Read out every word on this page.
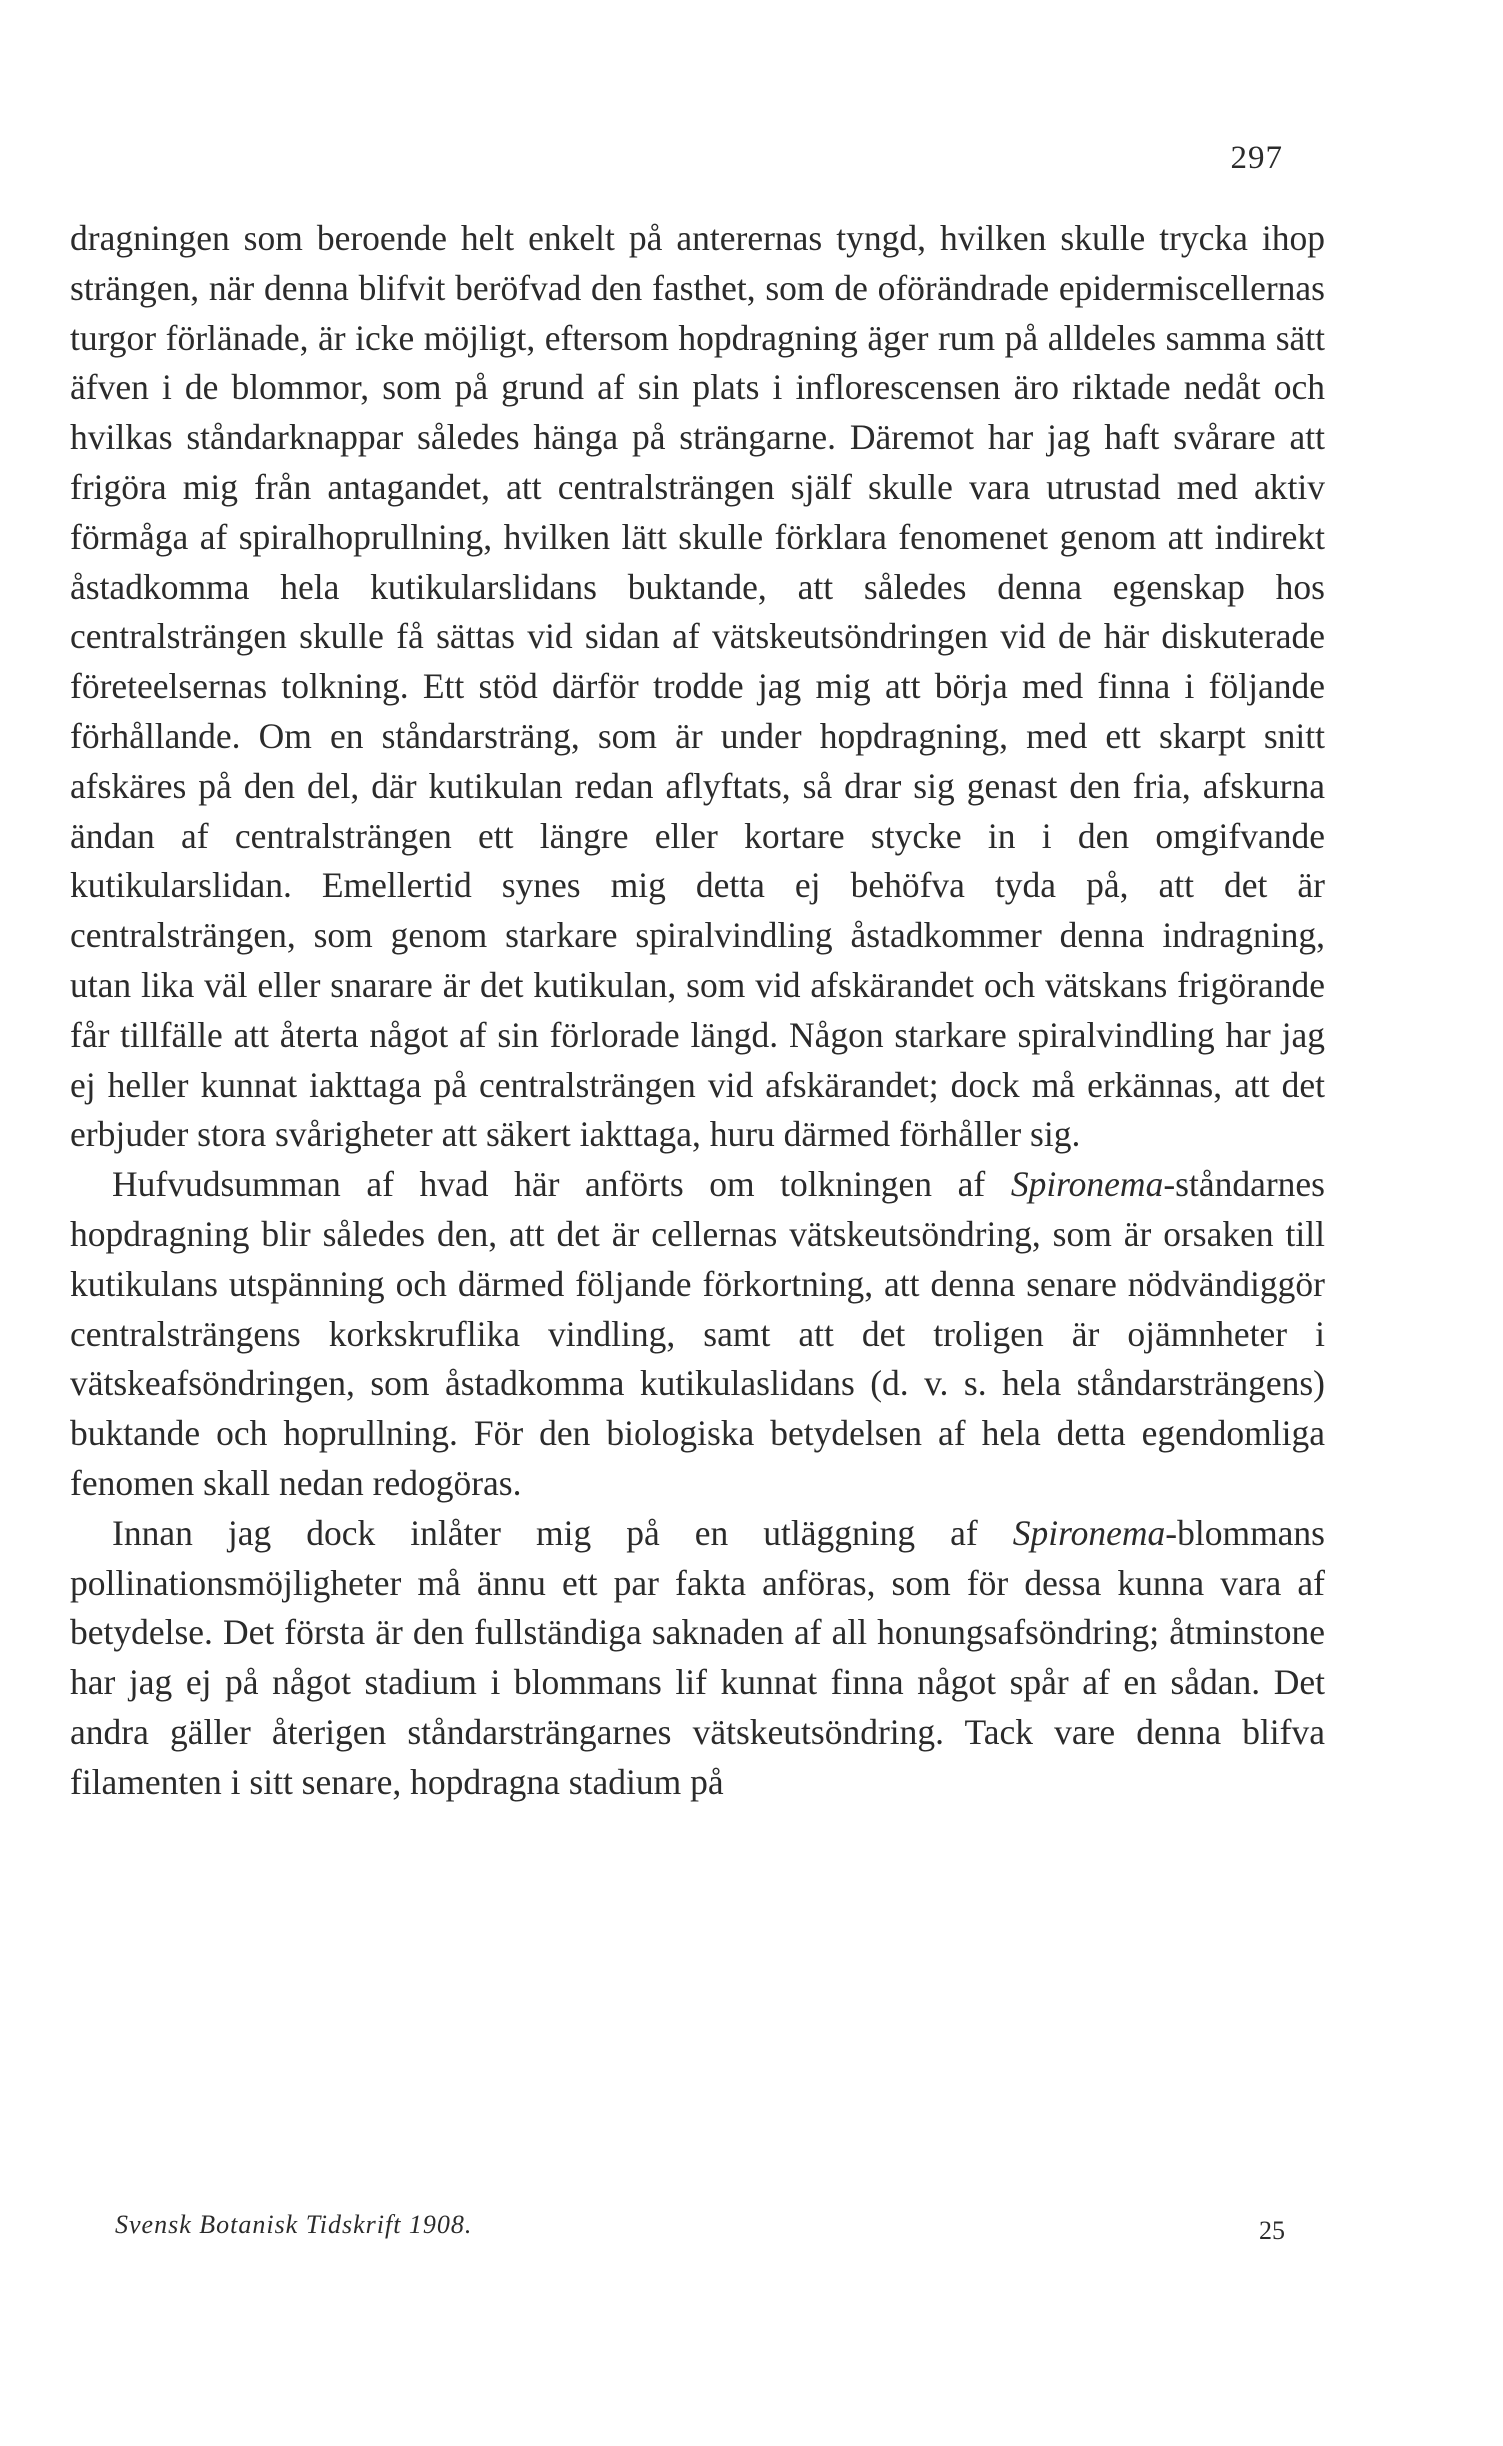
297

dragningen som beroende helt enkelt på anterernas tyngd, hvilken skulle trycka ihop strängen, när denna blifvit beröfvad den fasthet, som de oförändrade epidermiscellernas turgor förlänade, är icke möjligt, eftersom hopdragning äger rum på alldeles samma sätt äfven i de blommor, som på grund af sin plats i inflorescensen äro riktade nedåt och hvilkas ståndarknappar således hänga på strängarne. Däremot har jag haft svårare att frigöra mig från antagandet, att centralsträngen själf skulle vara utrustad med aktiv förmåga af spiralhoprullning, hvilken lätt skulle förklara fenomenet genom att indirekt åstadkomma hela kutikularslidans buktande, att således denna egenskap hos centralsträngen skulle få sättas vid sidan af vätskeutsöndringen vid de här diskuterade företeelsernas tolkning. Ett stöd därför trodde jag mig att börja med finna i följande förhållande. Om en ståndarsträng, som är under hopdragning, med ett skarpt snitt afskäres på den del, där kutikulan redan aflyftats, så drar sig genast den fria, afskurna ändan af centralsträngen ett längre eller kortare stycke in i den omgifvande kutikularslidan. Emellertid synes mig detta ej behöfva tyda på, att det är centralsträngen, som genom starkare spiralvindling åstadkommer denna indragning, utan lika väl eller snarare är det kutikulan, som vid afskärandet och vätskans frigörande får tillfälle att återta något af sin förlorade längd. Någon starkare spiralvindling har jag ej heller kunnat iakttaga på centralsträngen vid afskärandet; dock må erkännas, att det erbjuder stora svårigheter att säkert iakttaga, huru därmed förhåller sig.

Hufvudsumman af hvad här anförts om tolkningen af Spironema-ståndarnes hopdragning blir således den, att det är cellernas vätskeutsöndring, som är orsaken till kutikulans utspänning och därmed följande förkortning, att denna senare nödvändiggör centralsträngens korkskruflika vindling, samt att det troligen är ojämnheter i vätskeafsöndringen, som åstadkomma kutikulaslidans (d. v. s. hela ståndarsträngens) buktande och hoprullning. För den biologiska betydelsen af hela detta egendomliga fenomen skall nedan redogöras.

Innan jag dock inlåter mig på en utläggning af Spironema-blommans pollinationsmöjligheter må ännu ett par fakta anföras, som för dessa kunna vara af betydelse. Det första är den fullständiga saknaden af all honungsafsöndring; åtminstone har jag ej på något stadium i blommans lif kunnat finna något spår af en sådan. Det andra gäller återigen ståndarsträngarnes vätskeutsöndring. Tack vare denna blifva filamenten i sitt senare, hopdragna stadium på

Svensk Botanisk Tidskrift 1908.	25
